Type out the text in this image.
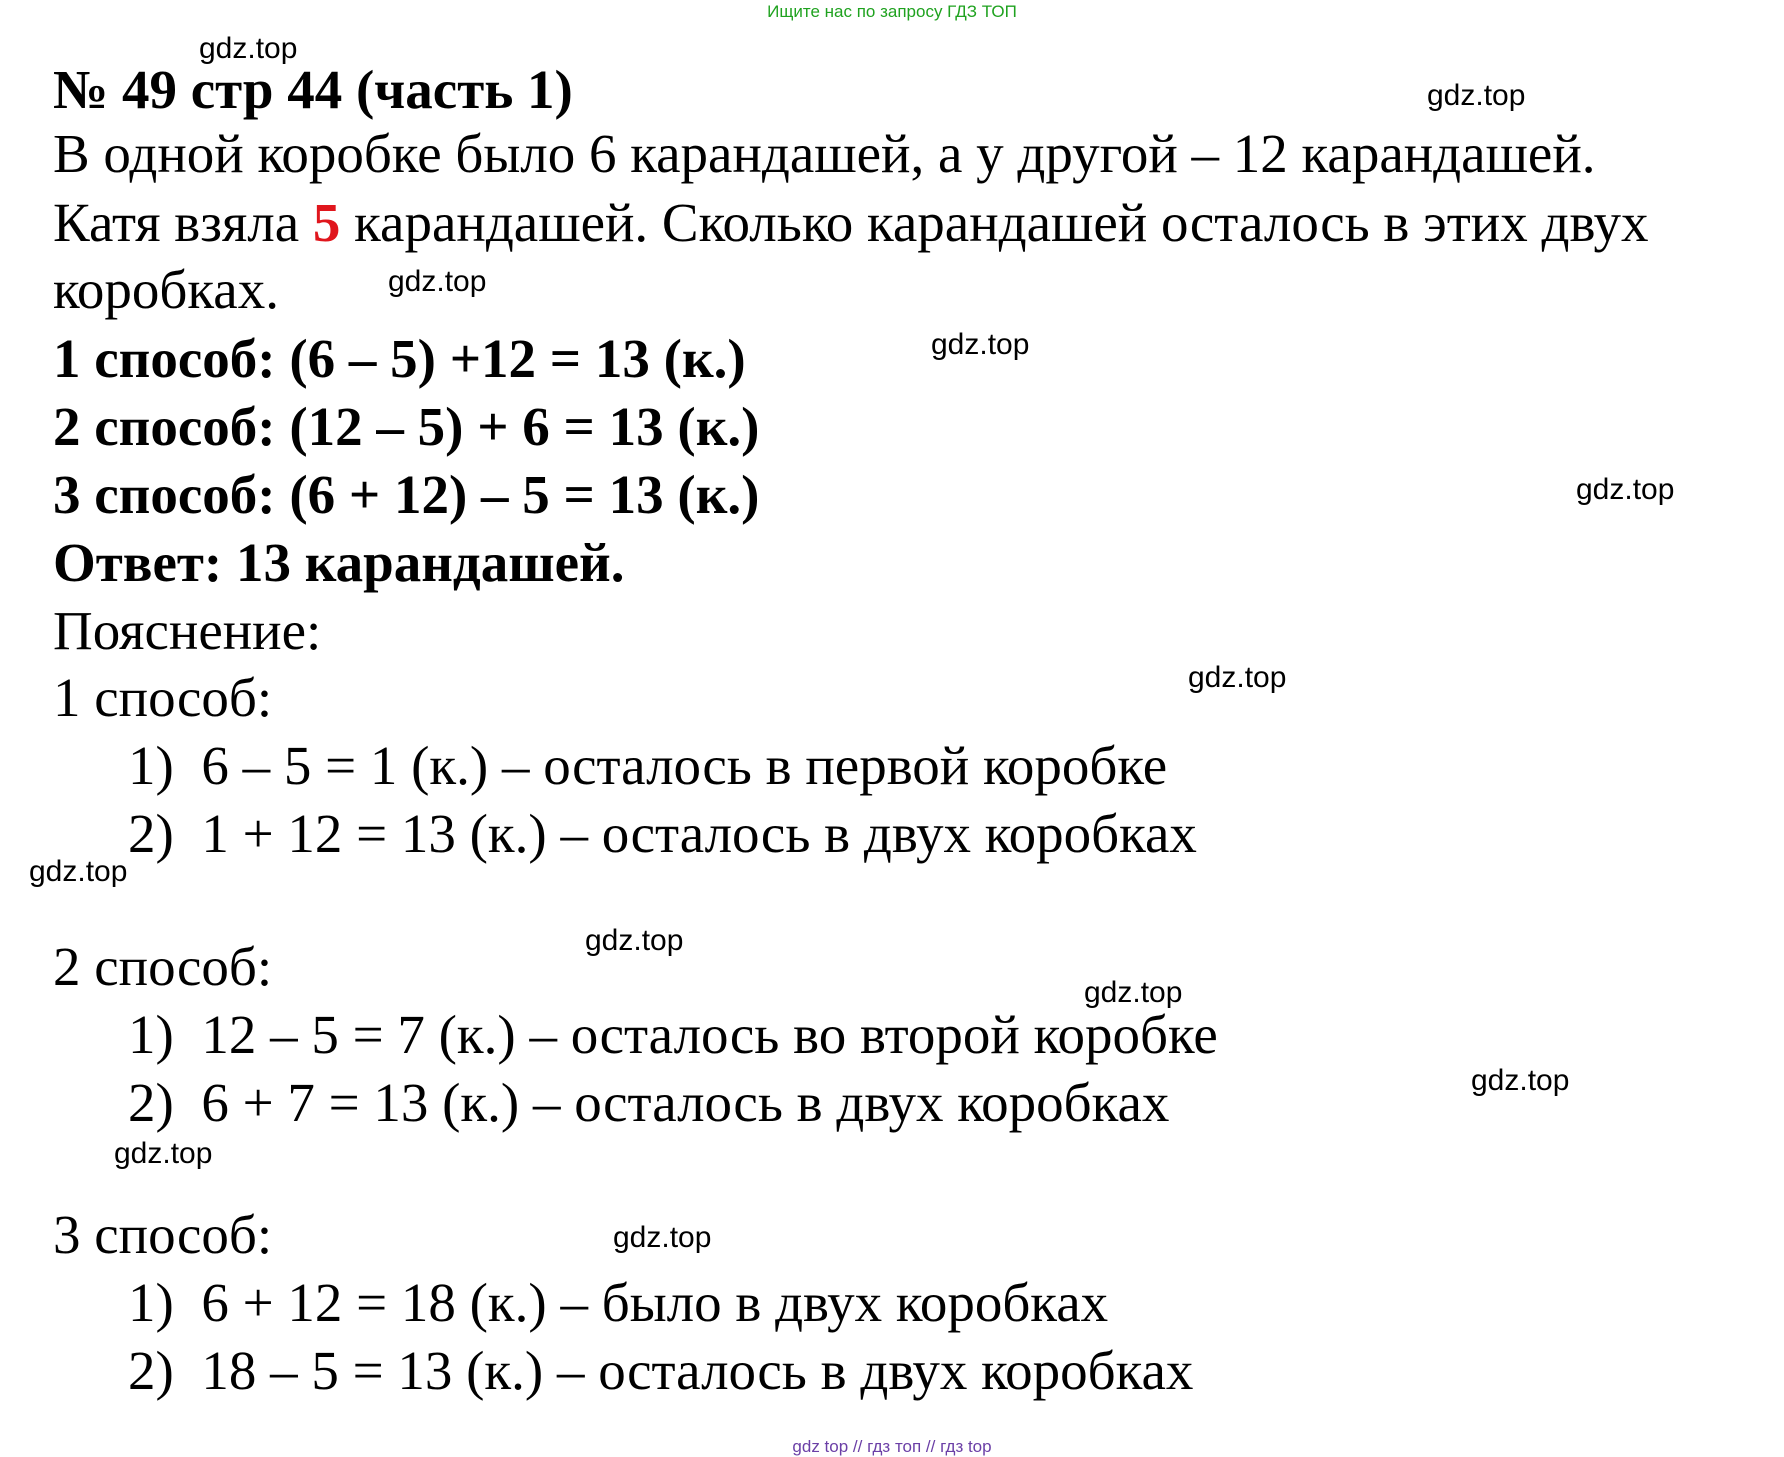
Ищите нас по запросу ГДЗ ТОП
№ 49 стр 44 (часть 1)
В одной коробке было 6 карандашей, а у другой – 12 карандашей.
Катя взяла 5 карандашей. Сколько карандашей осталось в этих двух
коробках.
1 способ: (6 – 5) +12 = 13 (к.)
2 способ: (12 – 5) + 6 = 13 (к.)
3 способ: (6 + 12) – 5 = 13 (к.)
Ответ: 13 карандашей.
Пояснение:
1 способ:
1) 6 – 5 = 1 (к.) – осталось в первой коробке
2) 1 + 12 = 13 (к.) – осталось в двух коробках
2 способ:
1) 12 – 5 = 7 (к.) – осталось во второй коробке
2) 6 + 7 = 13 (к.) – осталось в двух коробках
3 способ:
1) 6 + 12 = 18 (к.) – было в двух коробках
2) 18 – 5 = 13 (к.) – осталось в двух коробках
gdz.top
gdz.top
gdz.top
gdz.top
gdz.top
gdz.top
gdz.top
gdz.top
gdz.top
gdz.top
gdz.top
gdz.top
gdz top // гдз топ // гдз top
